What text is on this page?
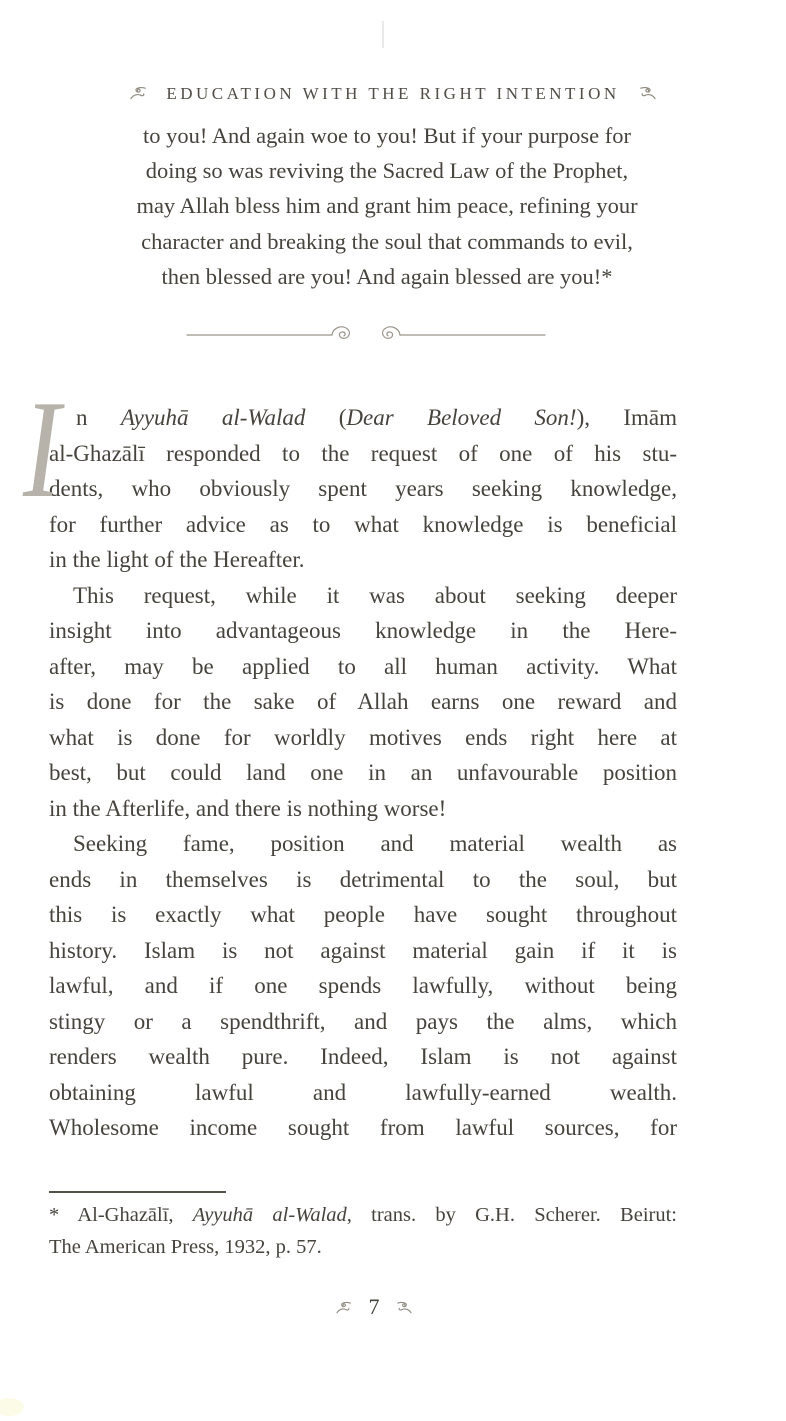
EDUCATION WITH THE RIGHT INTENTION
to you! And again woe to you! But if your purpose for
doing so was reviving the Sacred Law of the Prophet,
may Allah bless him and grant him peace, refining your
character and breaking the soul that commands to evil,
then blessed are you! And again blessed are you!*
I n Ayyuhā al-Walad (Dear Beloved Son!), Imām
al-Ghazālī responded to the request of one of his stu-
dents, who obviously spent years seeking knowledge,
for further advice as to what knowledge is beneficial
in the light of the Hereafter.
This request, while it was about seeking deeper
insight into advantageous knowledge in the Here-
after, may be applied to all human activity. What
is done for the sake of Allah earns one reward and
what is done for worldly motives ends right here at
best, but could land one in an unfavourable position
in the Afterlife, and there is nothing worse!
Seeking fame, position and material wealth as
ends in themselves is detrimental to the soul, but
this is exactly what people have sought throughout
history. Islam is not against material gain if it is
lawful, and if one spends lawfully, without being
stingy or a spendthrift, and pays the alms, which
renders wealth pure. Indeed, Islam is not against
obtaining lawful and lawfully-earned wealth.
Wholesome income sought from lawful sources, for
* Al-Ghazālī, Ayyuhā al-Walad, trans. by G.H. Scherer. Beirut:
The American Press, 1932, p. 57.
7
